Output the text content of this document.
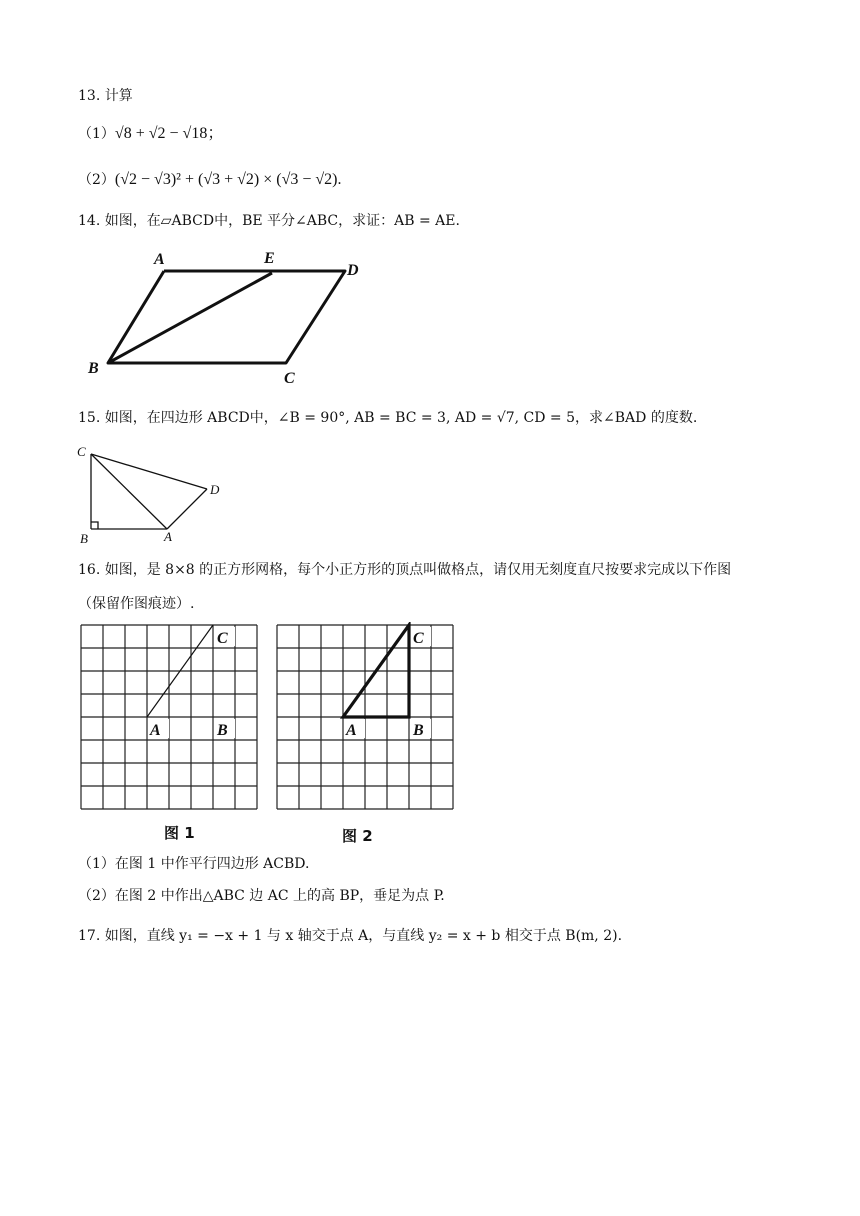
13. 计算
（1）√8 + √2 − √18；
（2）(√2 − √3)² + (√3 + √2) × (√3 − √2).
14. 如图，在▱ABCD中，BE 平分∠ABC，求证：AB = AE.
A	E
D
B
C
15. 如图，在四边形 ABCD中，∠B = 90°, AB = BC = 3, AD = √7, CD = 5，求∠BAD 的度数.
C
D
B	A
16. 如图，是 8×8 的正方形网格，每个小正方形的顶点叫做格点，请仅用无刻度直尺按要求完成以下作图
（保留作图痕迹）.
C
A	B
图 1
C
A	B
图 2
（1）在图 1 中作平行四边形 ACBD.
（2）在图 2 中作出△ABC 边 AC 上的高 BP，垂足为点 P.
17. 如图，直线 y₁ = −x + 1 与 x 轴交于点 A，与直线 y₂ = x + b 相交于点 B(m, 2).
